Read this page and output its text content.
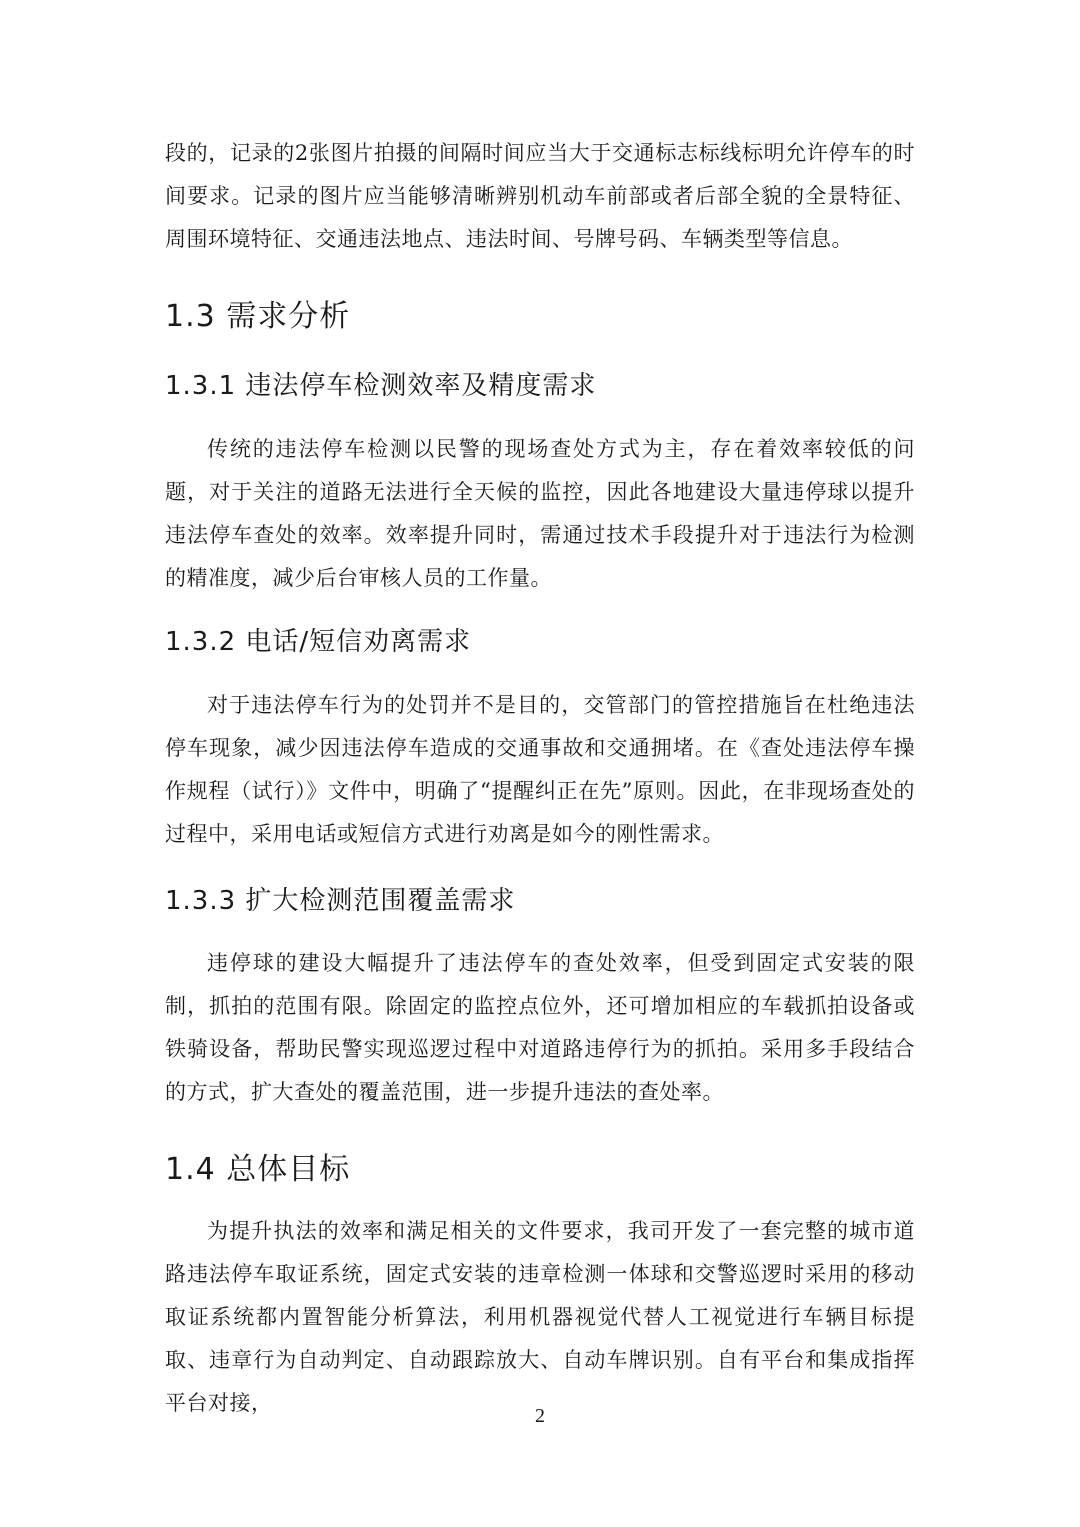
段的，记录的2张图片拍摄的间隔时间应当大于交通标志标线标明允许停车的时间要求。记录的图片应当能够清晰辨别机动车前部或者后部全貌的全景特征、周围环境特征、交通违法地点、违法时间、号牌号码、车辆类型等信息。

1.3 需求分析
1.3.1 违法停车检测效率及精度需求

传统的违法停车检测以民警的现场查处方式为主，存在着效率较低的问题，对于关注的道路无法进行全天候的监控，因此各地建设大量违停球以提升违法停车查处的效率。效率提升同时，需通过技术手段提升对于违法行为检测的精准度，减少后台审核人员的工作量。

1.3.2 电话/短信劝离需求

对于违法停车行为的处罚并不是目的，交管部门的管控措施旨在杜绝违法停车现象，减少因违法停车造成的交通事故和交通拥堵。在《查处违法停车操作规程（试行）》文件中，明确了“提醒纠正在先”原则。因此，在非现场查处的过程中，采用电话或短信方式进行劝离是如今的刚性需求。

1.3.3 扩大检测范围覆盖需求

违停球的建设大幅提升了违法停车的查处效率，但受到固定式安装的限制，抓拍的范围有限。除固定的监控点位外，还可增加相应的车载抓拍设备或铁骑设备，帮助民警实现巡逻过程中对道路违停行为的抓拍。采用多手段结合的方式，扩大查处的覆盖范围，进一步提升违法的查处率。

1.4 总体目标

为提升执法的效率和满足相关的文件要求，我司开发了一套完整的城市道路违法停车取证系统，固定式安装的违章检测一体球和交警巡逻时采用的移动取证系统都内置智能分析算法，利用机器视觉代替人工视觉进行车辆目标提取、违章行为自动判定、自动跟踪放大、自动车牌识别。自有平台和集成指挥平台对接，

2
